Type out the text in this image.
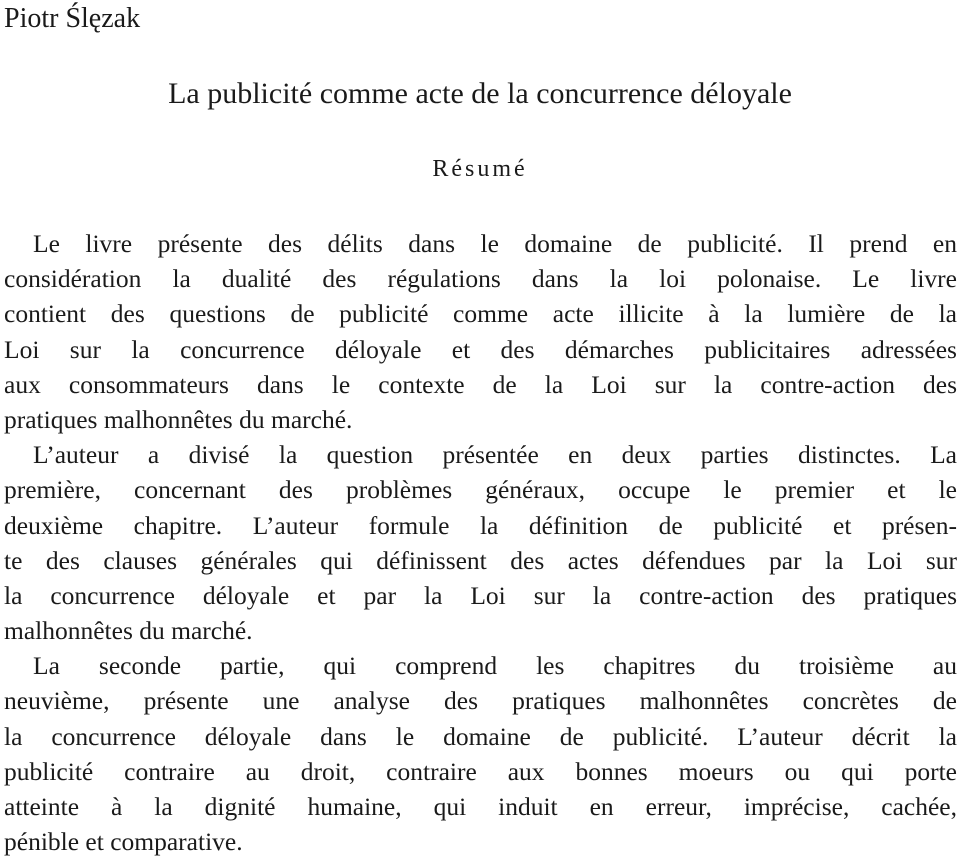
Piotr Ślęzak
La publicité comme acte de la concurrence déloyale
Résumé
Le livre présente des délits dans le domaine de publicité. Il prend en
considération la dualité des régulations dans la loi polonaise. Le livre
contient des questions de publicité comme acte illicite à la lumière de la
Loi sur la concurrence déloyale et des démarches publicitaires adressées
aux consommateurs dans le contexte de la Loi sur la contre-action des
pratiques malhonnêtes du marché.
L’auteur a divisé la question présentée en deux parties distinctes. La
première, concernant des problèmes généraux, occupe le premier et le
deuxième chapitre. L’auteur formule la définition de publicité et présen-
te des clauses générales qui définissent des actes défendues par la Loi sur
la concurrence déloyale et par la Loi sur la contre-action des pratiques
malhonnêtes du marché.
La seconde partie, qui comprend les chapitres du troisième au
neuvième, présente une analyse des pratiques malhonnêtes concrètes de
la concurrence déloyale dans le domaine de publicité. L’auteur décrit la
publicité contraire au droit, contraire aux bonnes moeurs ou qui porte
atteinte à la dignité humaine, qui induit en erreur, imprécise, cachée,
pénible et comparative.
